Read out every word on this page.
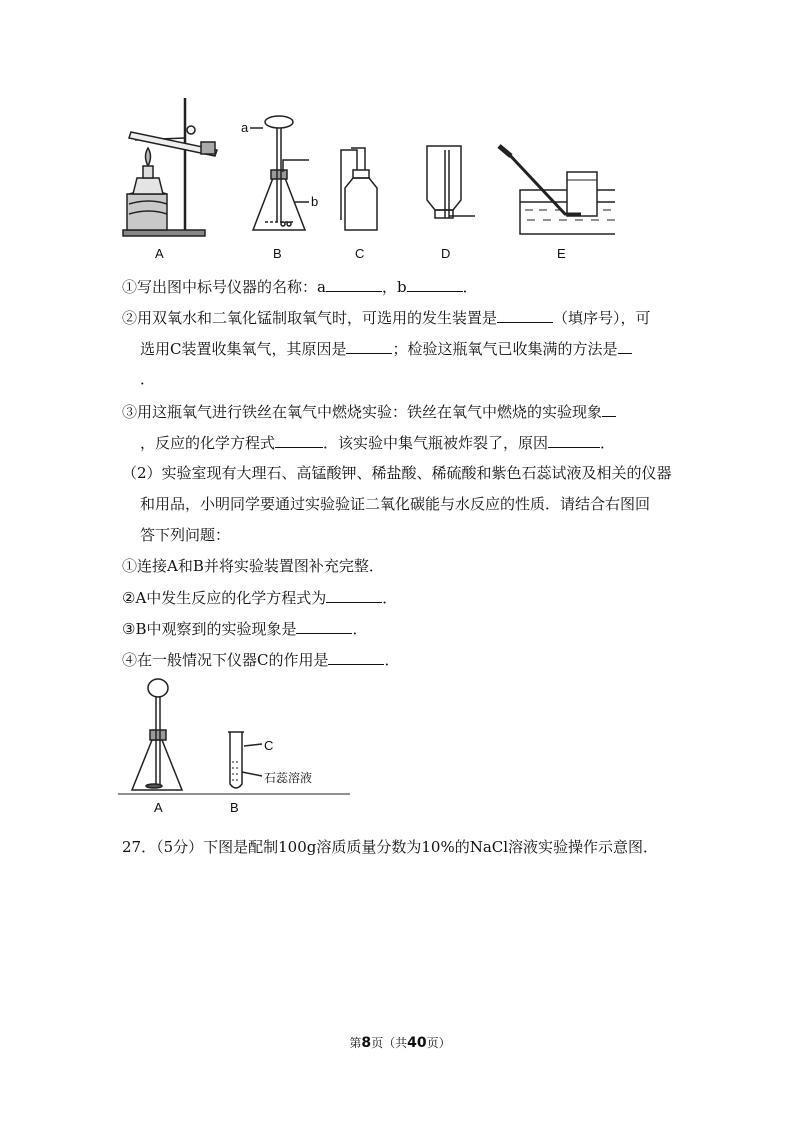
A	B	C	D	E
a
b
①写出图中标号仪器的名称：a	，b	．
②用双氧水和二氧化锰制取氧气时，可选用的发生装置是	（填序号），可
选用C装置收集氧气，其原因是	；检验这瓶氧气已收集满的方法是
．
③用这瓶氧气进行铁丝在氧气中燃烧实验：铁丝在氧气中燃烧的实验现象
，反应的化学方程式	．该实验中集气瓶被炸裂了，原因	．
（2）实验室现有大理石、高锰酸钾、稀盐酸、稀硫酸和紫色石蕊试液及相关的仪器
和用品，小明同学要通过实验验证二氧化碳能与水反应的性质．请结合右图回
答下列问题：
①连接A和B并将实验装置图补充完整．
②A中发生反应的化学方程式为	．
③B中观察到的实验现象是	．
④在一般情况下仪器C的作用是	．
A	B
C
石蕊溶液
27．（5分）下图是配制100g溶质质量分数为10%的NaCl溶液实验操作示意图．
第8页（共40页）
